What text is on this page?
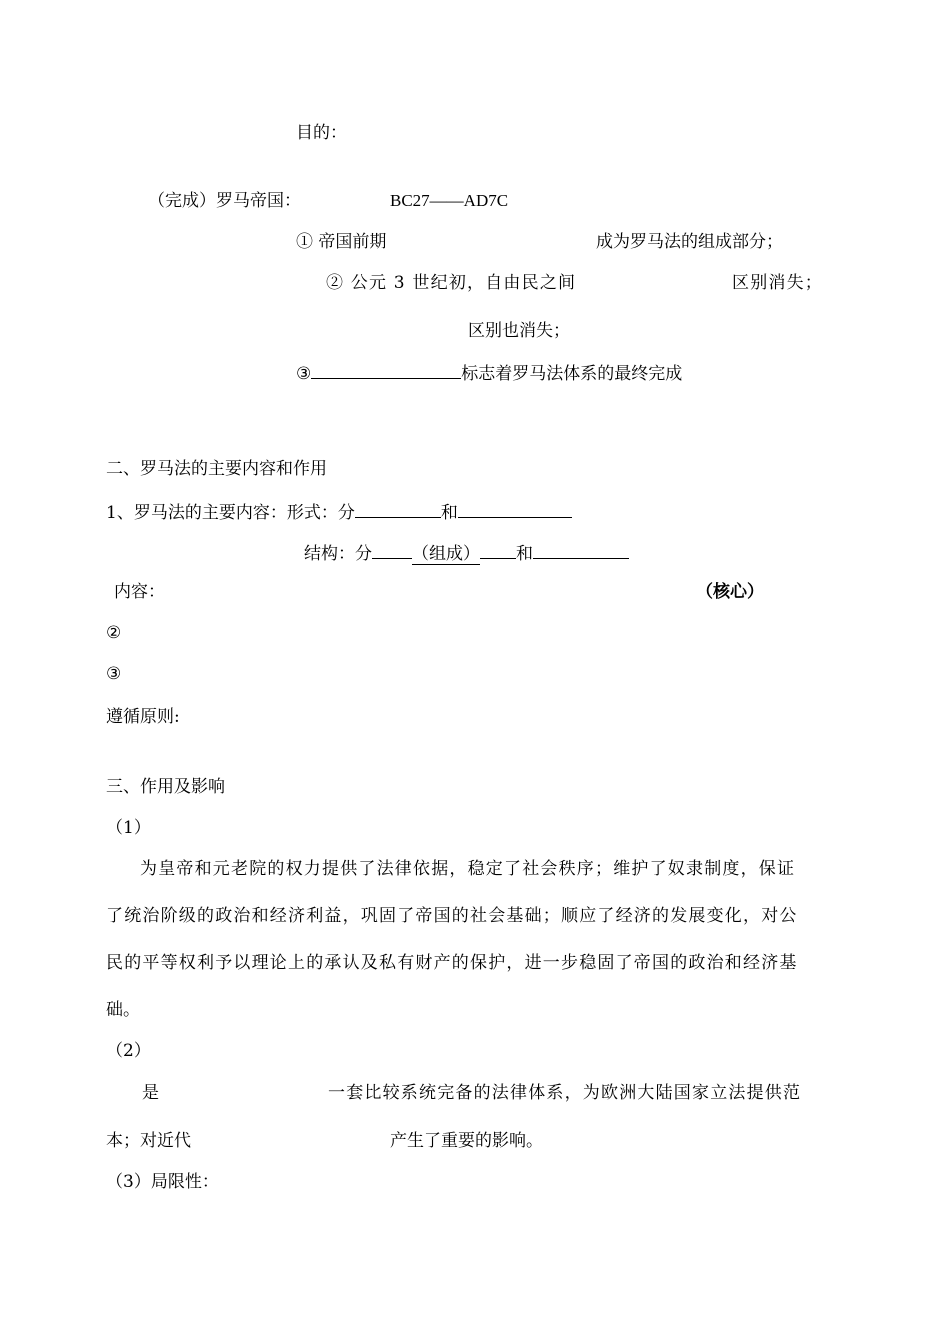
目的：
（完成）罗马帝国：	BC27——AD7C
① 帝国前期	成为罗马法的组成部分；
② 公元 3 世纪初，自由民之间	区别消失；
区别也消失；
③	标志着罗马法体系的最终完成
二、罗马法的主要内容和作用
1、罗马法的主要内容：形式：分	和
结构：分 （组成） 和
内容：	（核心）
②
③
遵循原则:
三、作用及影响
（1）
为皇帝和元老院的权力提供了法律依据，稳定了社会秩序；维护了奴隶制度，保证
了统治阶级的政治和经济利益，巩固了帝国的社会基础；顺应了经济的发展变化，对公
民的平等权利予以理论上的承认及私有财产的保护，进一步稳固了帝国的政治和经济基
础。
（2）
是	一套比较系统完备的法律体系，为欧洲大陆国家立法提供范
本；对近代	产生了重要的影响。
（3）局限性：
